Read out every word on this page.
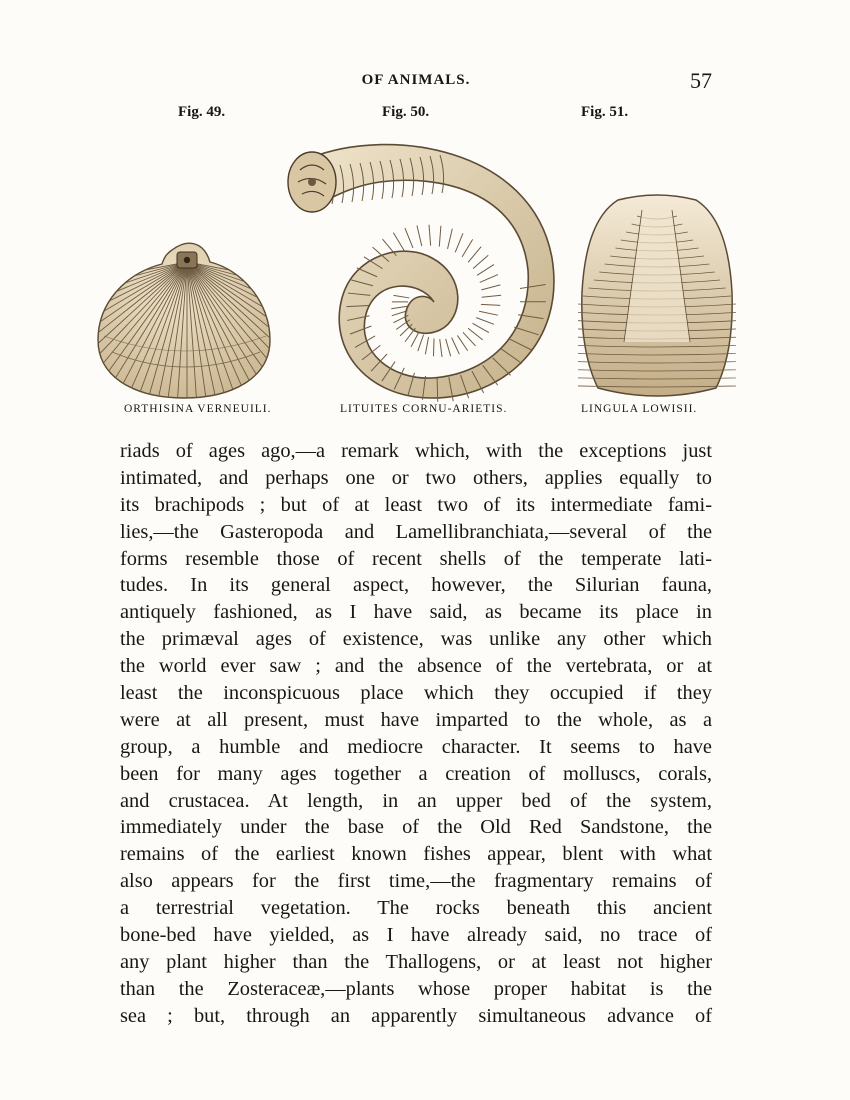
OF ANIMALS.	57
Fig. 49.	Fig. 50.	Fig. 51.
ORTHISINA VERNEUILI.	LITUITES CORNU-ARIETIS.	LINGULA LOWISII.
riads of ages ago,—a remark which, with the exceptions just
intimated, and perhaps one or two others, applies equally to
its brachipods ; but of at least two of its intermediate fami-
lies,—the Gasteropoda and Lamellibranchiata,—several of the
forms resemble those of recent shells of the temperate lati-
tudes. In its general aspect, however, the Silurian fauna,
antiquely fashioned, as I have said, as became its place in
the primæval ages of existence, was unlike any other which
the world ever saw ; and the absence of the vertebrata, or at
least the inconspicuous place which they occupied if they
were at all present, must have imparted to the whole, as a
group, a humble and mediocre character. It seems to have
been for many ages together a creation of molluscs, corals,
and crustacea. At length, in an upper bed of the system,
immediately under the base of the Old Red Sandstone, the
remains of the earliest known fishes appear, blent with what
also appears for the first time,—the fragmentary remains of
a terrestrial vegetation. The rocks beneath this ancient
bone-bed have yielded, as I have already said, no trace of
any plant higher than the Thallogens, or at least not higher
than the Zosteraceæ,—plants whose proper habitat is the
sea ; but, through an apparently simultaneous advance of
